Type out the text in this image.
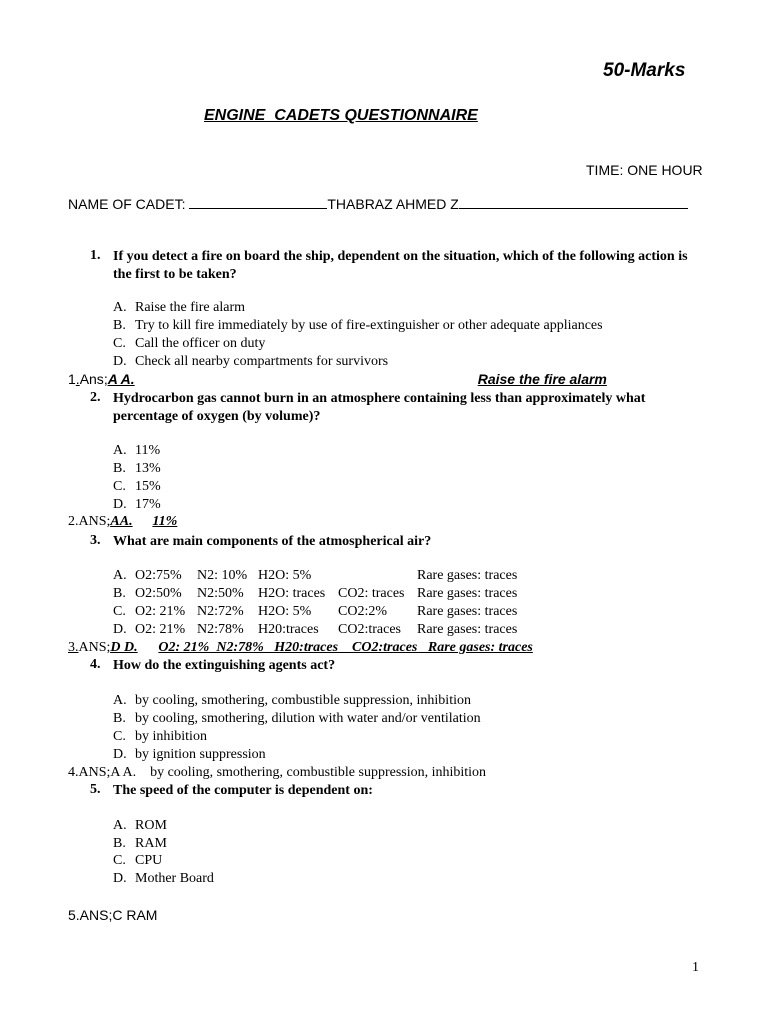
50-Marks
ENGINE  CADETS QUESTIONNAIRE
TIME: ONE HOUR
NAME OF CADET:	THABRAZ AHMED Z
1. If you detect a fire on board the ship, dependent on the situation, which of the following action is the first to be taken?
A. Raise the fire alarm
B. Try to kill fire immediately by use of fire-extinguisher or other adequate appliances
C. Call the officer on duty
D. Check all nearby compartments for survivors
1.Ans;A A.	Raise the fire alarm
2. Hydrocarbon gas cannot burn in an atmosphere containing less than approximately what percentage of oxygen (by volume)?
A. 11%
B. 13%
C. 15%
D. 17%
2.ANS;AA. 11%
3. What are main components of the atmospherical air?
A. O2:75% N2: 10% H2O: 5%	Rare gases: traces
B. O2:50% N2:50% H2O: traces CO2: traces Rare gases: traces
C. O2: 21% N2:72% H2O: 5% CO2:2% Rare gases: traces
D. O2: 21% N2:78% H20:traces CO2:traces Rare gases: traces
3.ANS;D D. O2: 21%  N2:78%   H20:traces    CO2:traces   Rare gases: traces
4. How do the extinguishing agents act?
A. by cooling, smothering, combustible suppression, inhibition
B. by cooling, smothering, dilution with water and/or ventilation
C. by inhibition
D. by ignition suppression
4.ANS;A A.    by cooling, smothering, combustible suppression, inhibition
5. The speed of the computer is dependent on:
A. ROM
B. RAM
C. CPU
D. Mother Board
5.ANS;C RAM
1
